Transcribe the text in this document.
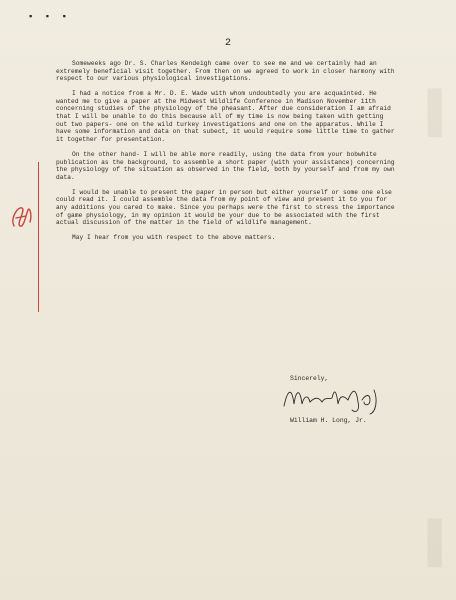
▪ ▪ ▪
2

Someweeks ago Dr. S. Charles Kendeigh came over to see me and we certainly had an extremely beneficial visit together. From then on we agreed to work in closer harmony with respect to our various physiological investigations.

I had a notice from a Mr. D. E. Wade with whom undoubtedly you are acquainted. He wanted me to give a paper at the Midwest Wildlife Conference in Madison November 11th concerning studies of the physiology of the pheasant. After due consideration I am afraid that I will be unable to do this because all of my time is now being taken with getting out two papers- one on the wild turkey investigations and one on the apparatus. While I have some information and data on that subect, it would require some little time to gather it together for presentation.

On the other hand- I will be able more readily, using the data from your bobwhite publication as the background, to assemble a short paper (with your assistance) concerning the physiology of the situation as observed in the field, both by yourself and from my own data.

I would be unable to present the paper in person but either yourself or some one else could read it. I could assemble the data from my point of view and present it to you for any additions you cared to make. Since you perhaps were the first to stress the importance of game physiology, in my opinion it would be your due to be associated with the first actual discussion of the matter in the field of wildlife management.

May I hear from you with respect to the above matters.

Sincerely,
William H. Long, Jr.
▌
▌
